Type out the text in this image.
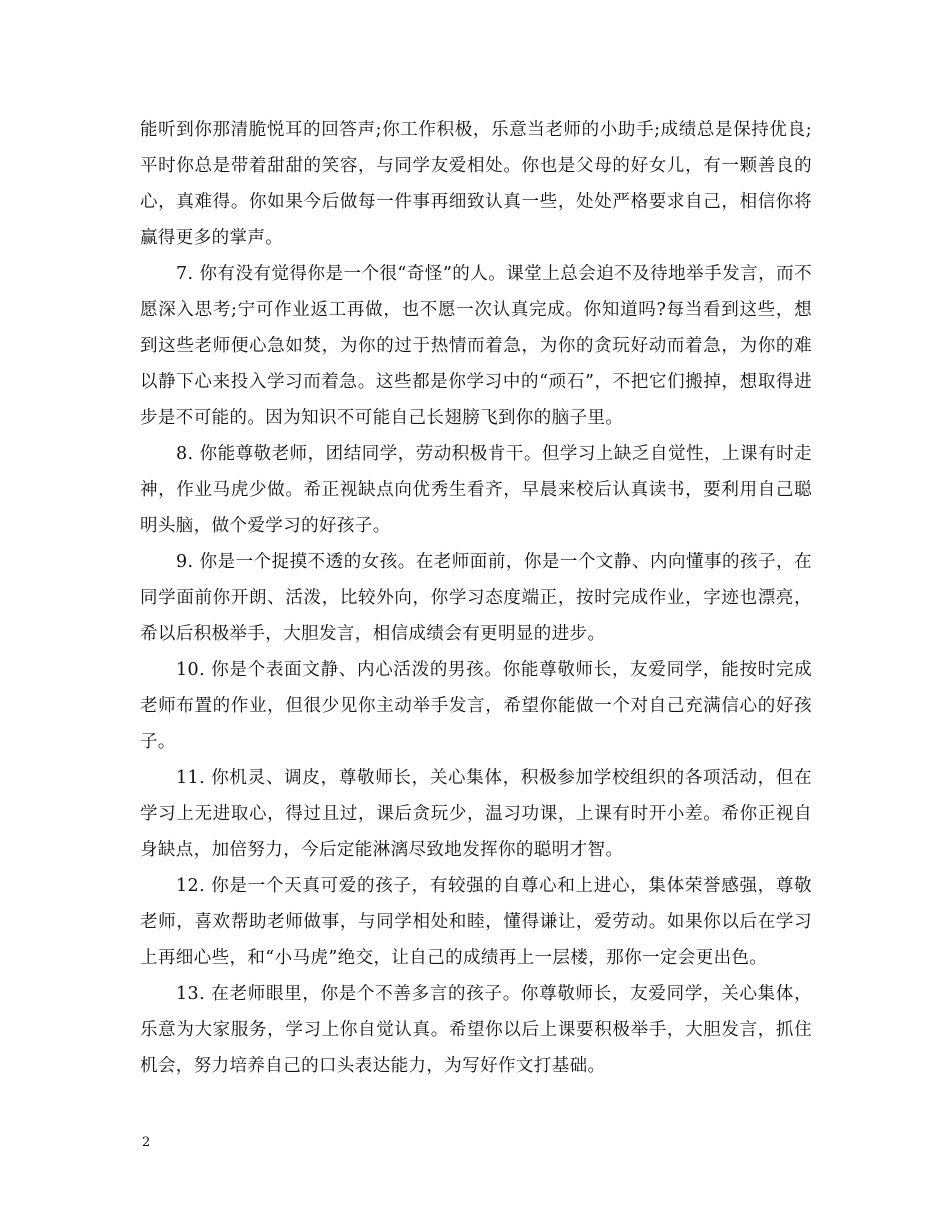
能听到你那清脆悦耳的回答声;你工作积极，乐意当老师的小助手;成绩总是保持优良;平时你总是带着甜甜的笑容，与同学友爱相处。你也是父母的好女儿，有一颗善良的心，真难得。你如果今后做每一件事再细致认真一些，处处严格要求自己，相信你将赢得更多的掌声。

7. 你有没有觉得你是一个很“奇怪”的人。课堂上总会迫不及待地举手发言，而不愿深入思考;宁可作业返工再做，也不愿一次认真完成。你知道吗?每当看到这些，想到这些老师便心急如焚，为你的过于热情而着急，为你的贪玩好动而着急，为你的难以静下心来投入学习而着急。这些都是你学习中的“顽石”，不把它们搬掉，想取得进步是不可能的。因为知识不可能自己长翅膀飞到你的脑子里。

8. 你能尊敬老师，团结同学，劳动积极肯干。但学习上缺乏自觉性，上课有时走神，作业马虎少做。希正视缺点向优秀生看齐，早晨来校后认真读书，要利用自己聪明头脑，做个爱学习的好孩子。

9. 你是一个捉摸不透的女孩。在老师面前，你是一个文静、内向懂事的孩子，在同学面前你开朗、活泼，比较外向，你学习态度端正，按时完成作业，字迹也漂亮，希以后积极举手，大胆发言，相信成绩会有更明显的进步。

10. 你是个表面文静、内心活泼的男孩。你能尊敬师长，友爱同学，能按时完成老师布置的作业，但很少见你主动举手发言，希望你能做一个对自己充满信心的好孩子。

11. 你机灵、调皮，尊敬师长，关心集体，积极参加学校组织的各项活动，但在学习上无进取心，得过且过，课后贪玩少，温习功课，上课有时开小差。希你正视自身缺点，加倍努力，今后定能淋漓尽致地发挥你的聪明才智。

12. 你是一个天真可爱的孩子，有较强的自尊心和上进心，集体荣誉感强，尊敬老师，喜欢帮助老师做事，与同学相处和睦，懂得谦让，爱劳动。如果你以后在学习上再细心些，和“小马虎”绝交，让自己的成绩再上一层楼，那你一定会更出色。

13. 在老师眼里，你是个不善多言的孩子。你尊敬师长，友爱同学，关心集体，乐意为大家服务，学习上你自觉认真。希望你以后上课要积极举手，大胆发言，抓住机会，努力培养自己的口头表达能力，为写好作文打基础。

2
